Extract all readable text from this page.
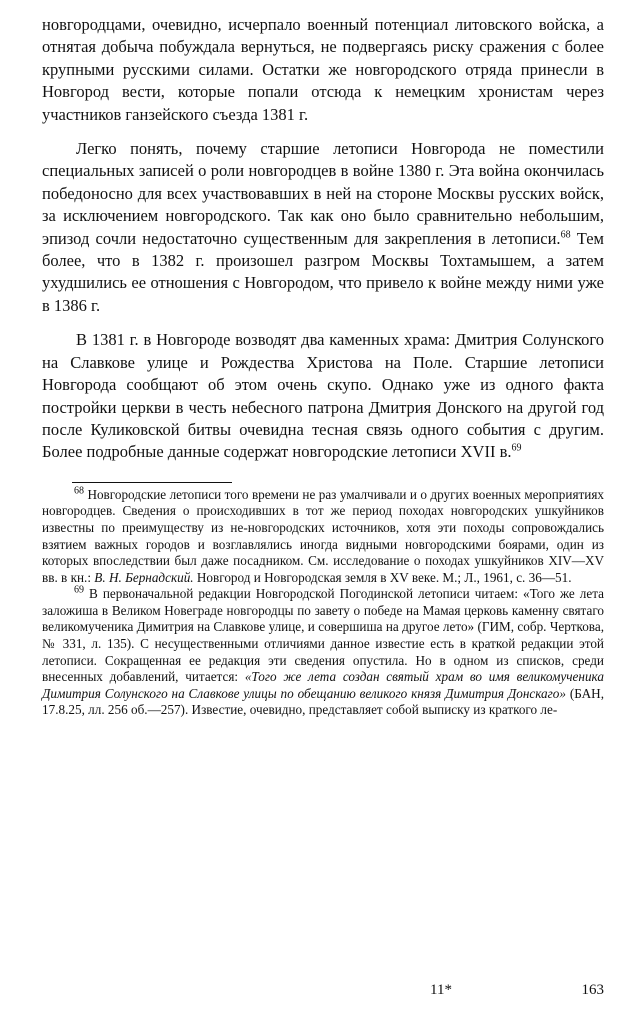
новгородцами, очевидно, исчерпало военный потенциал литовского войска, а отнятая добыча побуждала вернуться, не подвергаясь риску сражения с более крупными русскими силами. Остатки же новгородского отряда принесли в Новгород вести, которые попали отсюда к немецким хронистам через участников ганзейского съезда 1381 г.

Легко понять, почему старшие летописи Новгорода не поместили специальных записей о роли новгородцев в войне 1380 г. Эта война окончилась победоносно для всех участвовавших в ней на стороне Москвы русских войск, за исключением новгородского. Так как оно было сравнительно небольшим, эпизод сочли недостаточно существенным для закрепления в летописи.$^{68}$ Тем более, что в 1382 г. произошел разгром Москвы Тохтамышем, а затем ухудшились ее отношения с Новгородом, что привело к войне между ними уже в 1386 г.

В 1381 г. в Новгороде возводят два каменных храма: Дмитрия Солунского на Славкове улице и Рождества Христова на Поле. Старшие летописи Новгорода сообщают об этом очень скупо. Однако уже из одного факта постройки церкви в честь небесного патрона Дмитрия Донского на другой год после Куликовской битвы очевидна тесная связь одного события с другим. Более подробные данные содержат новгородские летописи XVII в.$^{69}$

$^{68}$ Новгородские летописи того времени не раз умалчивали и о других военных мероприятиях новгородцев. Сведения о происходивших в тот же период походах новгородских ушкуйников известны по преимуществу из не-новгородских источников, хотя эти походы сопровождались взятием важных городов и возглавлялись иногда видными новгородскими боярами, один из которых впоследствии был даже посадником. См. исследование о походах ушкуйников XIV—XV вв. в кн.: В. Н. Бернадский. Новгород и Новгородская земля в XV веке. М.; Л., 1961, с. 36—51.

$^{69}$ В первоначальной редакции Новгородской Погодинской летописи читаем: «Того же лета заложиша в Великом Новеграде новгородцы по завету о победе на Мамая церковь каменну святаго великомученика Димитрия на Славкове улице, и совершиша на другое лето» (ГИМ, собр. Черткова, № 331, л. 135). С несущественными отличиями данное известие есть в краткой редакции этой летописи. Сокращенная ее редакция эти сведения опустила. Но в одном из списков, среди внесенных добавлений, читается: «Того же лета создан святый храм во имя великомученика Димитрия Солунского на Славкове улицы по обещанию великого князя Димитрия Донскаго» (БАН, 17.8.25, лл. 256 об.—257). Известие, очевидно, представляет собой выписку из краткого ле-

11*	163
